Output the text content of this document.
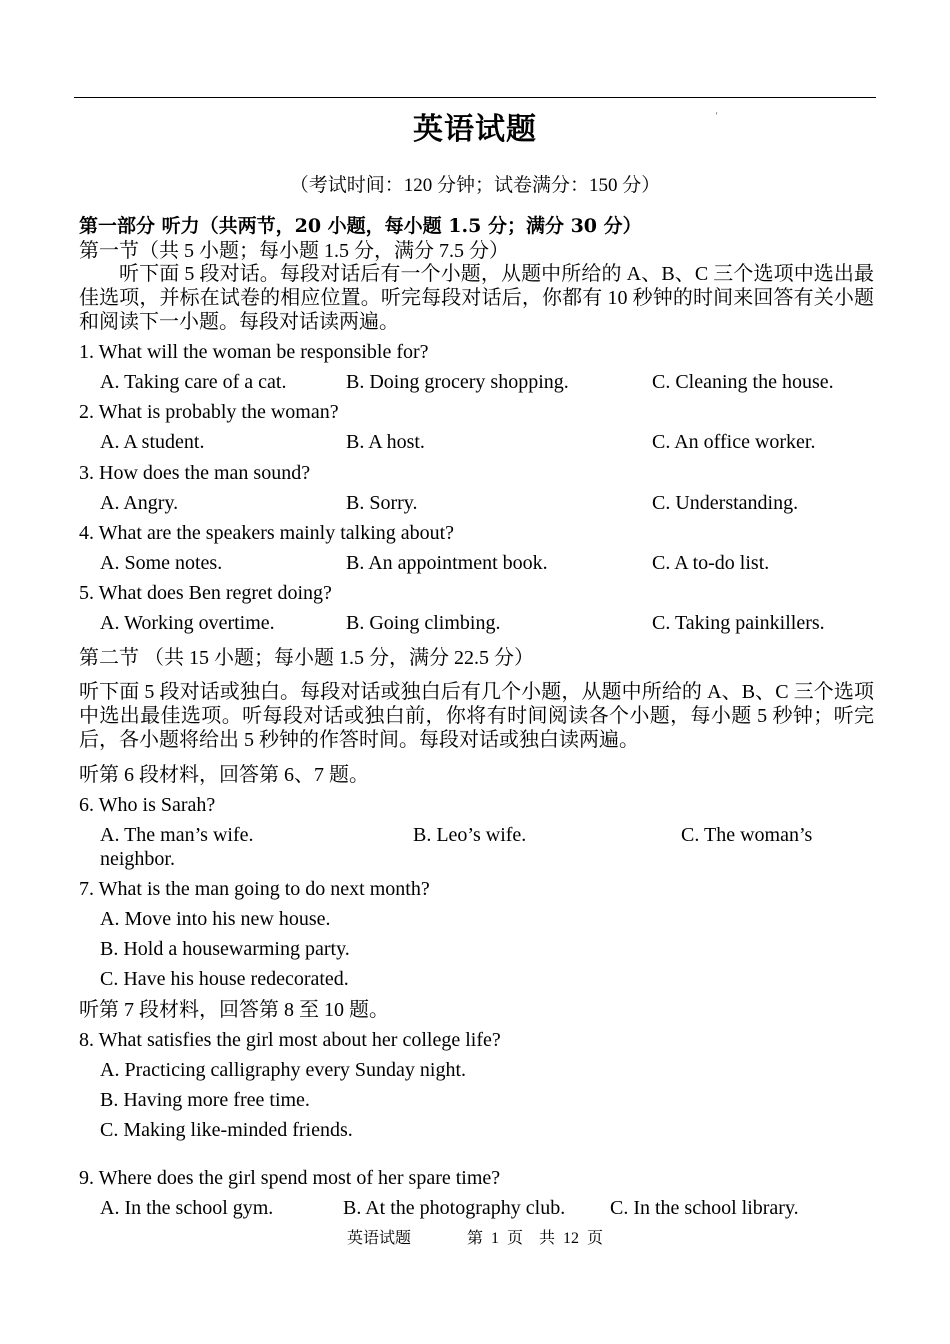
英语试题	'
（考试时间：120 分钟；试卷满分：150 分）
第一部分 听力（共两节，20 小题，每小题 1.5 分；满分 30 分）
第一节（共 5 小题；每小题 1.5 分，满分 7.5 分）
听下面 5 段对话。每段对话后有一个小题，从题中所给的 A、B、C 三个选项中选出最佳选项，并标在试卷的相应位置。听完每段对话后，你都有 10 秒钟的时间来回答有关小题和阅读下一小题。每段对话读两遍。
1. What will the woman be responsible for?
A. Taking care of a cat.	B. Doing grocery shopping.	C. Cleaning the house.
2. What is probably the woman?
A. A student.	B. A host.	C. An office worker.
3. How does the man sound?
A. Angry.	B. Sorry.	C. Understanding.
4. What are the speakers mainly talking about?
A. Some notes.	B. An appointment book.	C. A to-do list.
5. What does Ben regret doing?
A. Working overtime.	B. Going climbing.	C. Taking painkillers.
第二节 （共 15 小题；每小题 1.5 分，满分 22.5 分）
听下面 5 段对话或独白。每段对话或独白后有几个小题，从题中所给的 A、B、C 三个选项中选出最佳选项。听每段对话或独白前，你将有时间阅读各个小题，每小题 5 秒钟；听完后，各小题将给出 5 秒钟的作答时间。每段对话或独白读两遍。
听第 6 段材料，回答第 6、7 题。
6. Who is Sarah?
A. The man’s wife.	B. Leo’s wife.	C. The woman’s
neighbor.
7. What is the man going to do next month?
A. Move into his new house.
B. Hold a housewarming party.
C. Have his house redecorated.
听第 7 段材料，回答第 8 至 10 题。
8. What satisfies the girl most about her college life?
A. Practicing calligraphy every Sunday night.
B. Having more free time.
C. Making like-minded friends.
9. Where does the girl spend most of her spare time?
A. In the school gym.	B. At the photography club. C. In the school library.
英语试题	第  1  页    共  12  页
